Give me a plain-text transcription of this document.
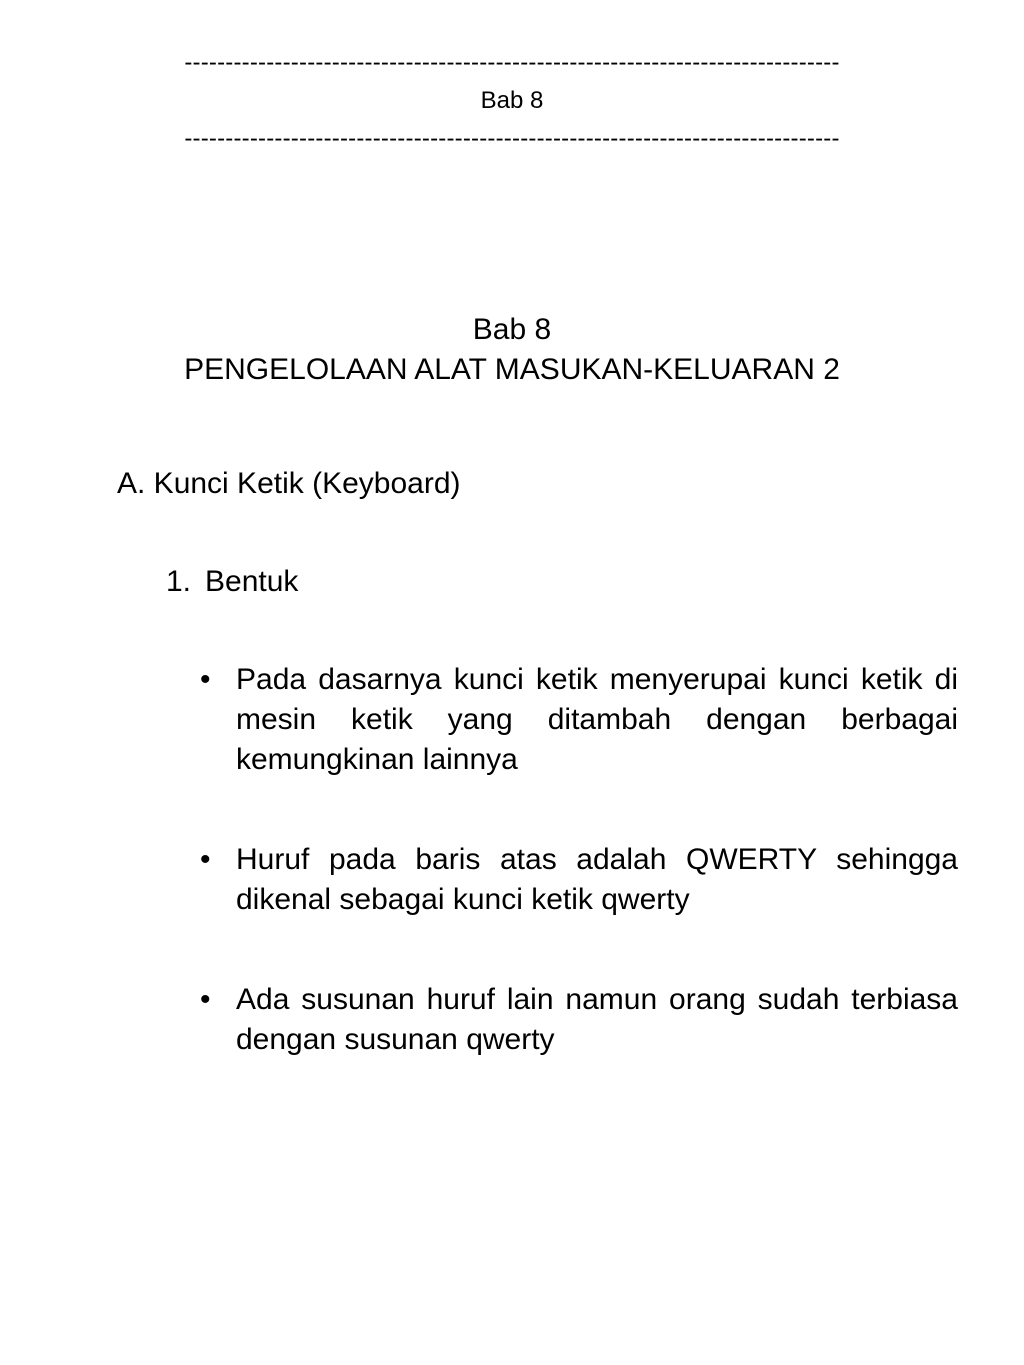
-----
Bab 8
-----
Bab 8
PENGELOLAAN ALAT MASUKAN-KELUARAN 2
A. Kunci Ketik (Keyboard)
1. Bentuk
• Pada dasarnya kunci ketik menyerupai kunci ketik di mesin ketik yang ditambah dengan berbagai kemungkinan lainnya
• Huruf pada baris atas adalah QWERTY sehingga dikenal sebagai kunci ketik qwerty
• Ada susunan huruf lain namun orang sudah terbiasa dengan susunan qwerty
